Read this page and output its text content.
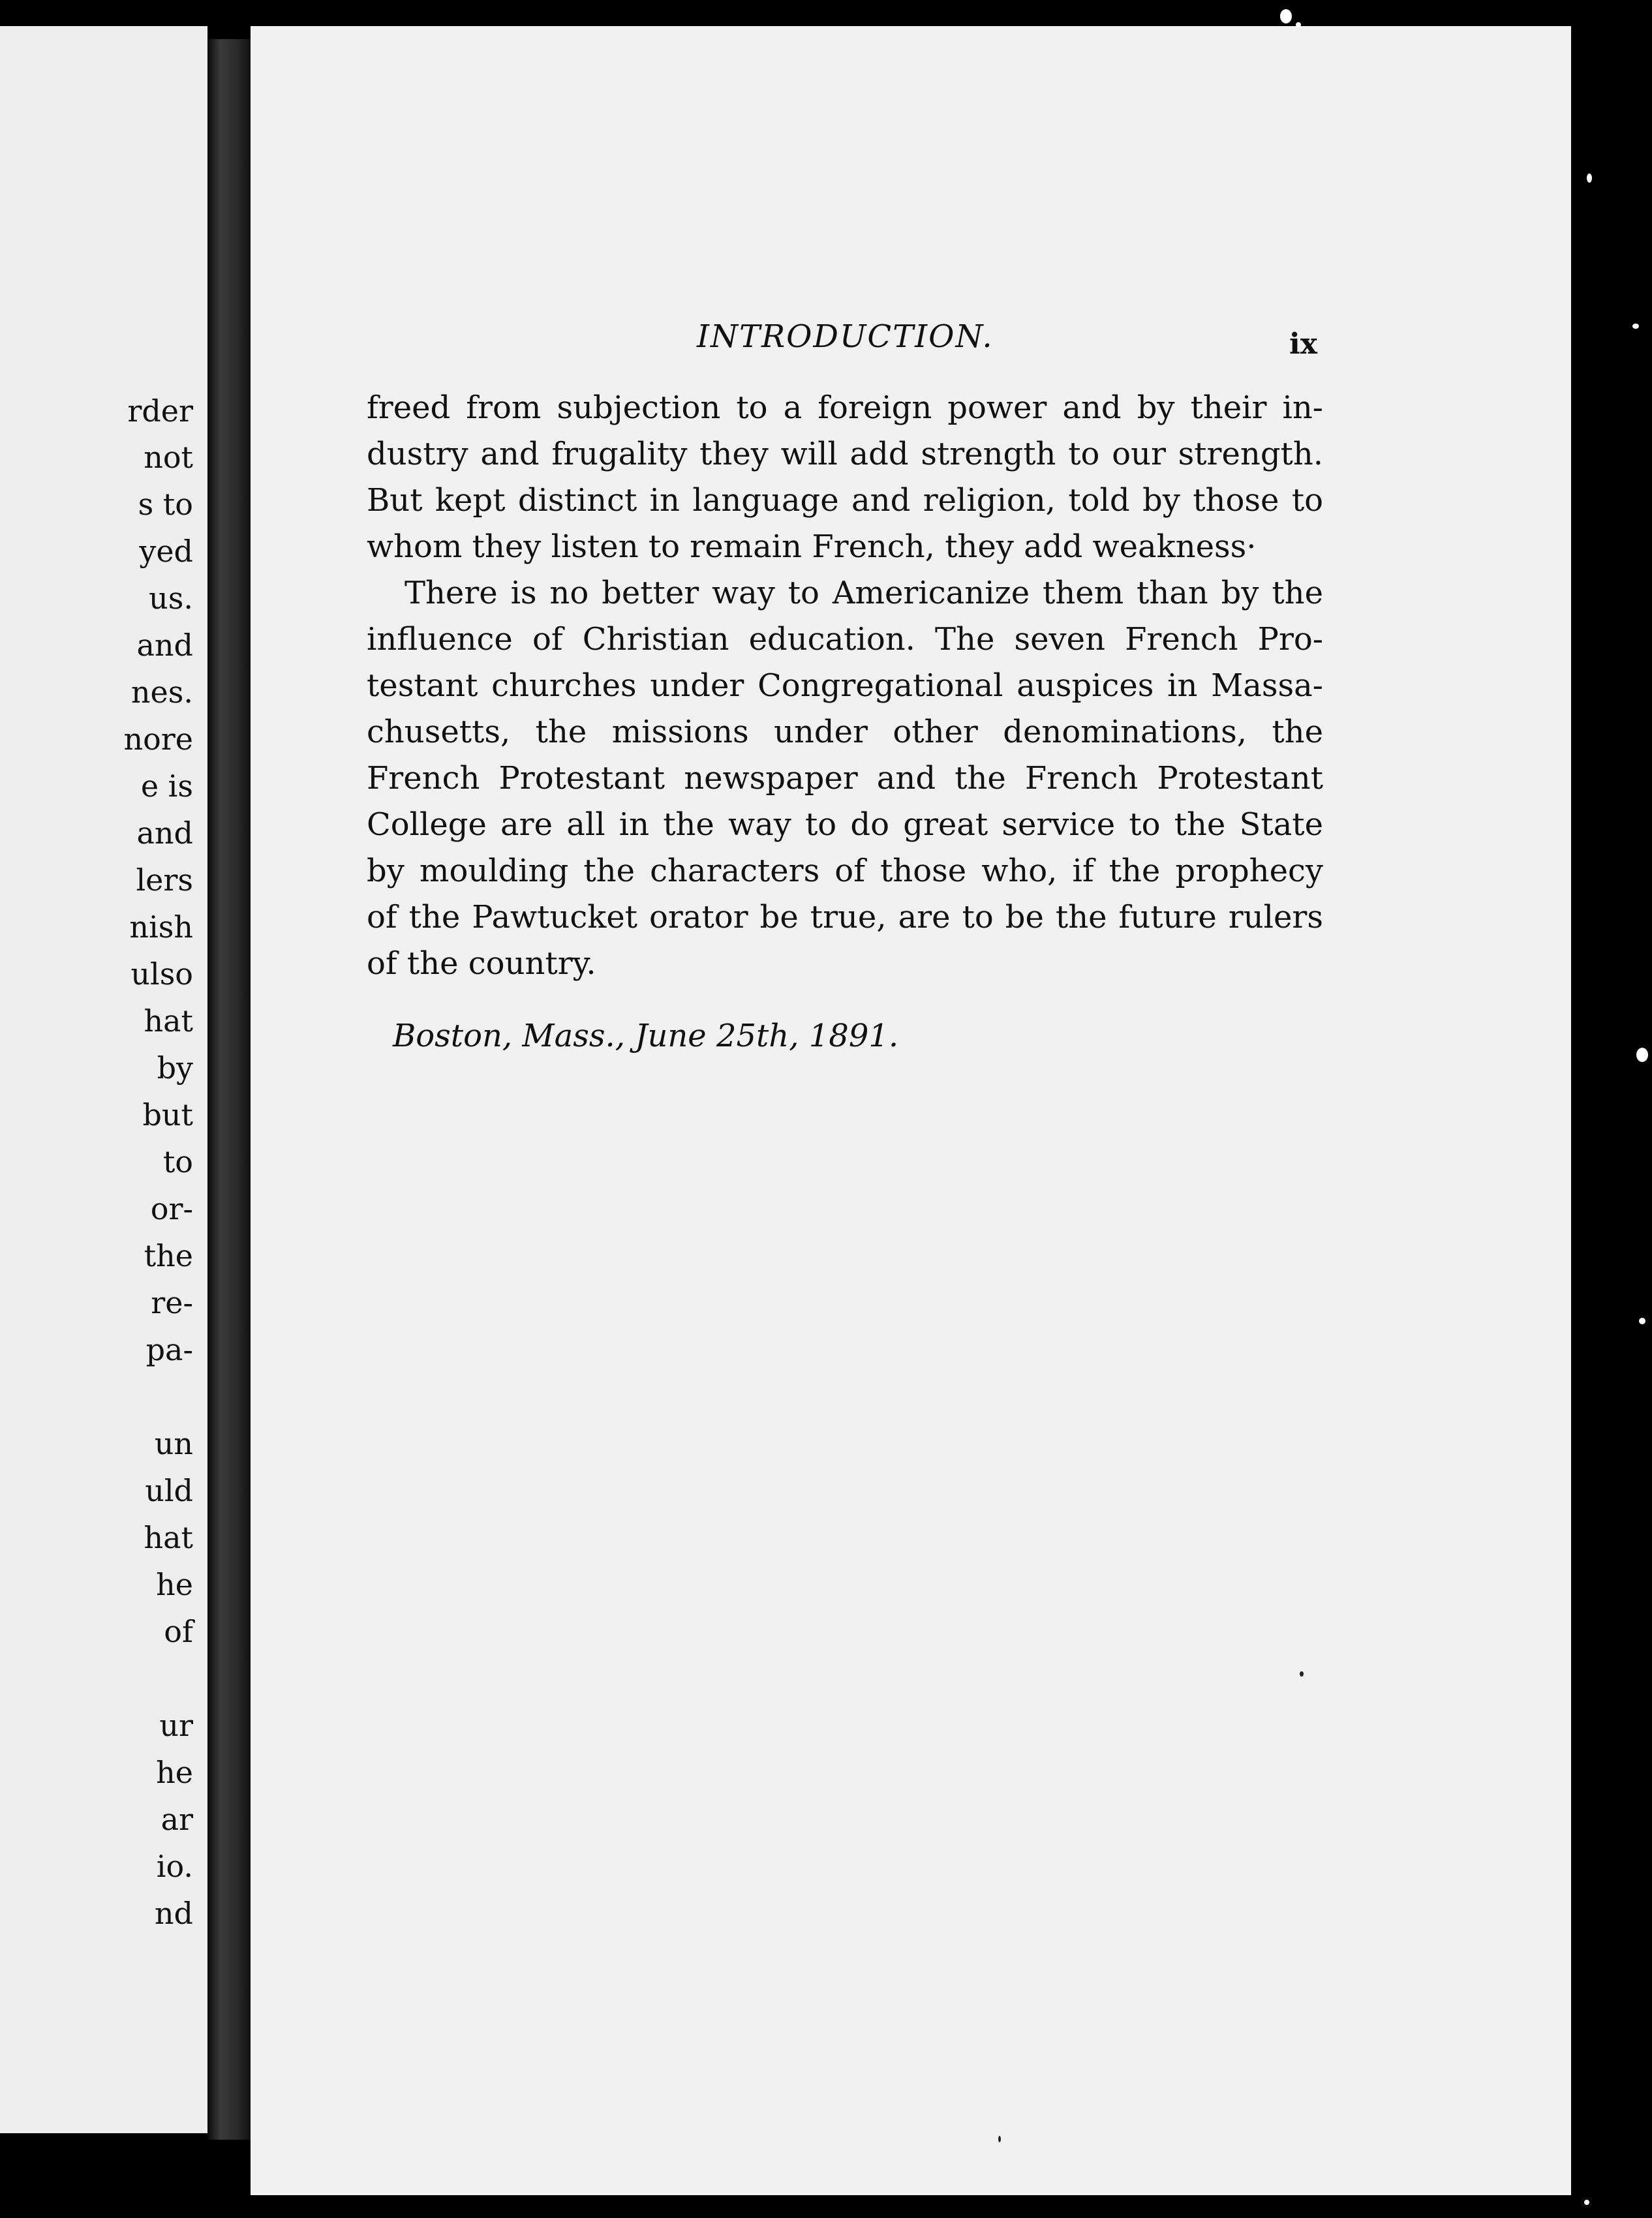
rder

not

s to

yed

us.

and

nes.

nore

e is

and

lers

nish

ulso

hat

by

but

to

or-

the

re-

pa-

un

uld

hat

he

of

ur

he

ar

io.

nd

INTRODUCTION.	ix

freed from subjection to a foreign power and by their in-
dustry and frugality they will add strength to our strength.
But kept distinct in language and religion, told by those to
whom they listen to remain French, they add weakness·
There is no better way to Americanize them than by the
influence of Christian education. The seven French Pro-
testant churches under Congregational auspices in Massa-
chusetts, the missions under other denominations, the
French Protestant newspaper and the French Protestant
College are all in the way to do great service to the State
by moulding the characters of those who, if the prophecy
of the Pawtucket orator be true, are to be the future rulers
of the country.

Boston, Mass., June 25th, 1891.
